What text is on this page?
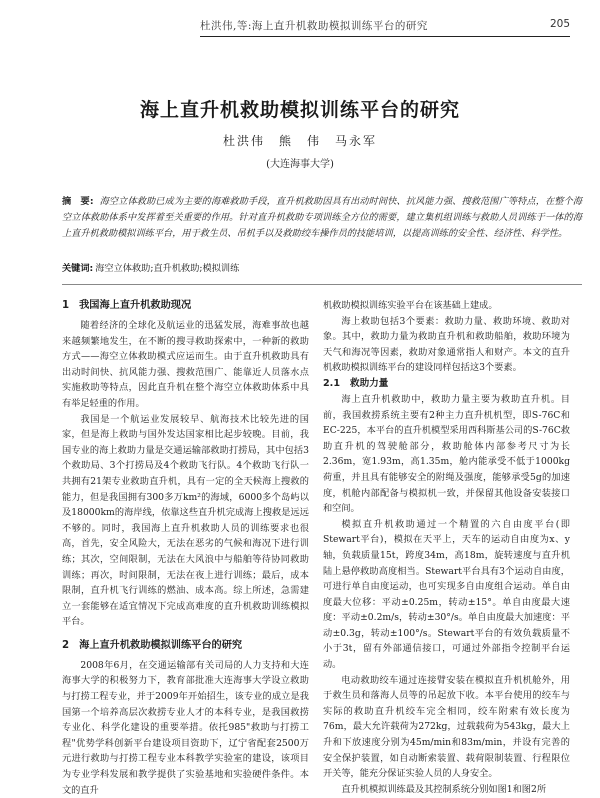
杜洪伟,等:海上直升机救助模拟训练平台的研究	205
海上直升机救助模拟训练平台的研究
杜洪伟　熊　伟　马永军
(大连海事大学)
摘　要: 海空立体救助已成为主要的海难救助手段，直升机救助因具有出动时间快、抗风能力强、搜救范围广等特点，在整个海空立体救助体系中发挥着至关重要的作用。针对直升机救助专项训练全方位的需要，建立集机组训练与救助人员训练于一体的海上直升机救助模拟训练平台，用于救生员、吊机手以及救助绞车操作员的技能培训，以提高训练的安全性、经济性、科学性。
关键词: 海空立体救助;直升机救助;模拟训练
1 我国海上直升机救助现况

随着经济的全球化及航运业的迅猛发展，海难事故也越来越频繁地发生，在不断的搜寻救助探索中，一种新的救助方式——海空立体救助模式应运而生。由于直升机救助具有出动时间快、抗风能力强、搜救范围广、能靠近人员落水点实施救助等特点，因此直升机在整个海空立体救助体系中具有举足轻重的作用。

我国是一个航运业发展较早、航海技术比较先进的国家，但是海上救助与国外发达国家相比起步较晚。目前，我国专业的海上救助力量是交通运输部救助打捞局，其中包括3个救助局、3个打捞局及4个救助飞行队。4个救助飞行队一共拥有21架专业救助直升机，具有一定的全天候海上搜救的能力，但是我国拥有300多万km²的海域，6000多个岛屿以及18000km的海岸线，依靠这些直升机完成海上搜救是远远不够的。同时，我国海上直升机救助人员的训练要求也很高，首先，安全风险大，无法在恶劣的气候和海况下进行训练；其次，空间限制，无法在大风浪中与船舶等待协同救助训练；再次，时间限制，无法在夜上进行训练；最后，成本限制，直升机飞行训练的燃油、成本高。综上所述，急需建立一套能够在适宜情况下完成高难度的直升机救助训练模拟平台。

2 海上直升机救助模拟训练平台的研究

2008年6月，在交通运输部有关司局的人力支持和大连海事大学的积极努力下，教育部批准大连海事大学设立救助与打捞工程专业，并于2009年开始招生，该专业的成立是我国第一个培养高层次救捞专业人才的本科专业，是我国救捞专业化、科学化建设的重要举措。依托985"救助与打捞工程"优势学科创新平台建设项目资助下，辽宁省配套2500万元进行救助与打捞工程专业本科教学实验室的建设，该项目为专业学科发展和教学提供了实验基地和实验硬件条件。本文的直升

机救助模拟训练实验平台在该基础上建成。

海上救助包括3个要素：救助力量、救助环境、救助对象。其中，救助力量为救助直升机和救助船舶，救助环境为天气和海况等因素，救助对象通常指人和财产。本文的直升机救助模拟训练平台的建设同样包括这3个要素。

2.1 救助力量

海上直升机救助中，救助力量主要为救助直升机。目前，我国救捞系统主要有2种主力直升机机型，即S-76C和EC-225，本平台的直升机模型采用西科斯基公司的S-76C救助直升机的驾驶舱部分，救助舱体内部参考尺寸为长2.36m，宽1.93m，高1.35m，舱内能承受不低于1000kg荷重，并且具有能够安全的附绳及强度，能够承受5g的加速度，机舱内部配备与模拟机一致，并保留其他设备安装接口和空间。

模拟直升机救助通过一个精置的六自由度平台(即Stewart平台)，模拟在天平上，天车的运动自由度为x、y轴，负载质量15t，跨度34m，高18m，旋转速度与直升机陆上悬停救助高度相当。Stewart平台具有3个运动自由度，可进行单自由度运动，也可实现多自由度组合运动。单自由度最大位移：平动±0.25m，转动±15°。单自由度最大速度：平动±0.2m/s，转动±30°/s。单自由度最大加速度：平动±0.3g，转动±100°/s。Stewart平台的有效负载质量不小于3t，留有外部通信接口，可通过外部指令控制平台运动。

电动救助绞车通过连接臂安装在模拟直升机机舱外，用于救生员和落海人员等的吊起放下收。本平台使用的绞车与实际的救助直升机绞车完全相同，绞车附索有效长度为76m，最大允许载荷为272kg，过载载荷为543kg，最大上升和下放速度分别为45m/min和83m/min，并设有完善的安全保护装置，如自动断索装置、载荷限制装置、行程限位开关等，能充分保证实验人员的人身安全。

直升机模拟训练最及其控制系统分别如图1和图2所
